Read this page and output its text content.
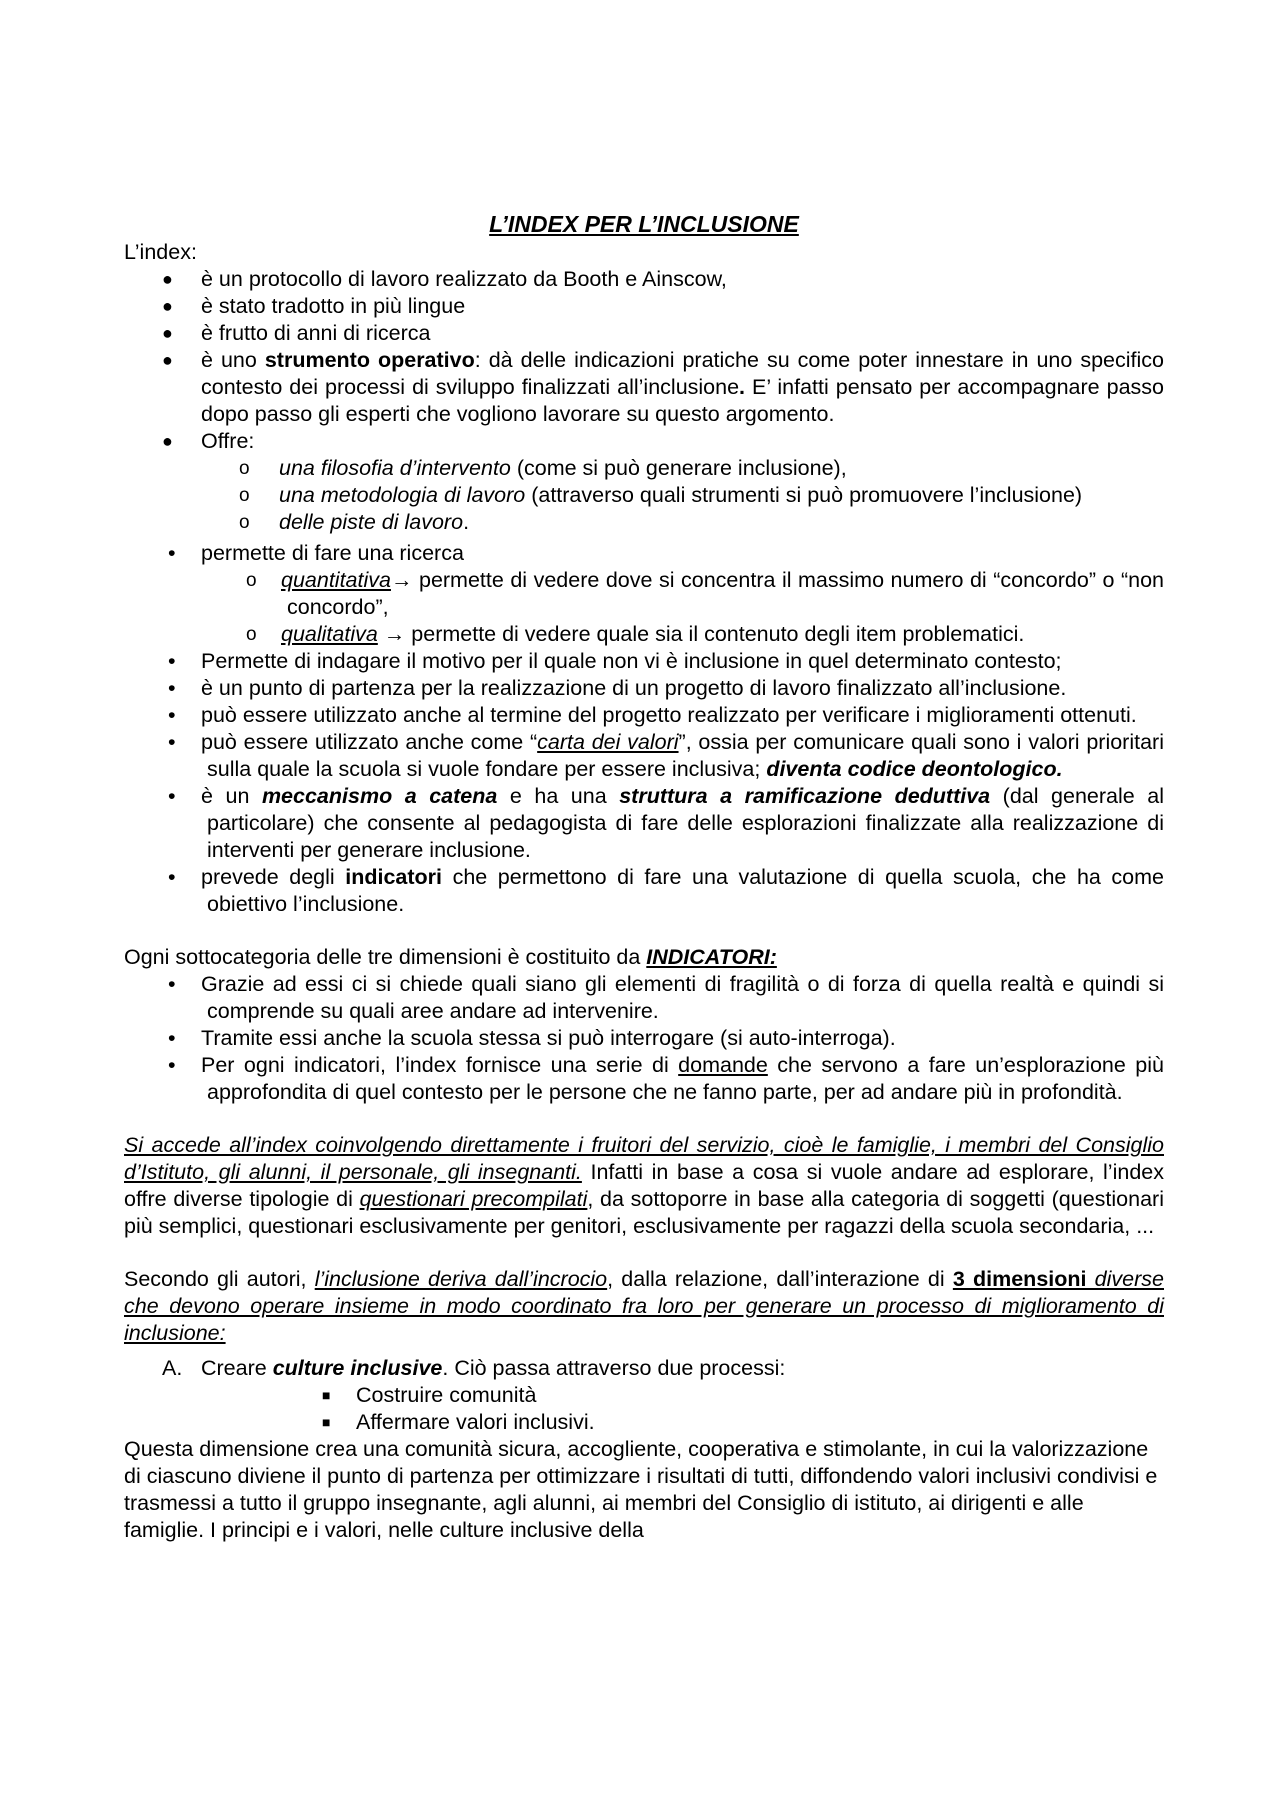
L’INDEX PER L’INCLUSIONE

L’index:

● è un protocollo di lavoro realizzato da Booth e Ainscow,
● è stato tradotto in più lingue
● è frutto di anni di ricerca
● è uno strumento operativo: dà delle indicazioni pratiche su come poter innestare in uno specifico contesto dei processi di sviluppo finalizzati all’inclusione. E’ infatti pensato per accompagnare passo dopo passo gli esperti che vogliono lavorare su questo argomento.
● Offre:
o una filosofia d’intervento (come si può generare inclusione),
o una metodologia di lavoro (attraverso quali strumenti si può promuovere l’inclusione)
o delle piste di lavoro.
• permette di fare una ricerca
o quantitativa→ permette di vedere dove si concentra il massimo numero di “concordo” o “non concordo”,
o qualitativa → permette di vedere quale sia il contenuto degli item problematici.
• Permette di indagare il motivo per il quale non vi è inclusione in quel determinato contesto;
• è un punto di partenza per la realizzazione di un progetto di lavoro finalizzato all’inclusione.
• può essere utilizzato anche al termine del progetto realizzato per verificare i miglioramenti ottenuti.
• può essere utilizzato anche come “carta dei valori”, ossia per comunicare quali sono i valori prioritari sulla quale la scuola si vuole fondare per essere inclusiva; diventa codice deontologico.
• è un meccanismo a catena e ha una struttura a ramificazione deduttiva (dal generale al particolare) che consente al pedagogista di fare delle esplorazioni finalizzate alla realizzazione di interventi per generare inclusione.
• prevede degli indicatori che permettono di fare una valutazione di quella scuola, che ha come obiettivo l’inclusione.

Ogni sottocategoria delle tre dimensioni è costituito da INDICATORI:

• Grazie ad essi ci si chiede quali siano gli elementi di fragilità o di forza di quella realtà e quindi si comprende su quali aree andare ad intervenire.
• Tramite essi anche la scuola stessa si può interrogare (si auto-interroga).
• Per ogni indicatori, l’index fornisce una serie di domande che servono a fare un’esplorazione più approfondita di quel contesto per le persone che ne fanno parte, per ad andare più in profondità.

Si accede all’index coinvolgendo direttamente i fruitori del servizio, cioè le famiglie, i membri del Consiglio d’Istituto, gli alunni, il personale, gli insegnanti. Infatti in base a cosa si vuole andare ad esplorare, l’index offre diverse tipologie di questionari precompilati, da sottoporre in base alla categoria di soggetti (questionari più semplici, questionari esclusivamente per genitori, esclusivamente per ragazzi della scuola secondaria, ...

Secondo gli autori, l’inclusione deriva dall’incrocio, dalla relazione, dall’interazione di 3 dimensioni diverse che devono operare insieme in modo coordinato fra loro per generare un processo di miglioramento di inclusione:

A. Creare culture inclusive. Ciò passa attraverso due processi:
■ Costruire comunità
■ Affermare valori inclusivi.

Questa dimensione crea una comunità sicura, accogliente, cooperativa e stimolante, in cui la valorizzazione di ciascuno diviene il punto di partenza per ottimizzare i risultati di tutti, diffondendo valori inclusivi condivisi e trasmessi a tutto il gruppo insegnante, agli alunni, ai membri del Consiglio di istituto, ai dirigenti e alle famiglie. I principi e i valori, nelle culture inclusive della
